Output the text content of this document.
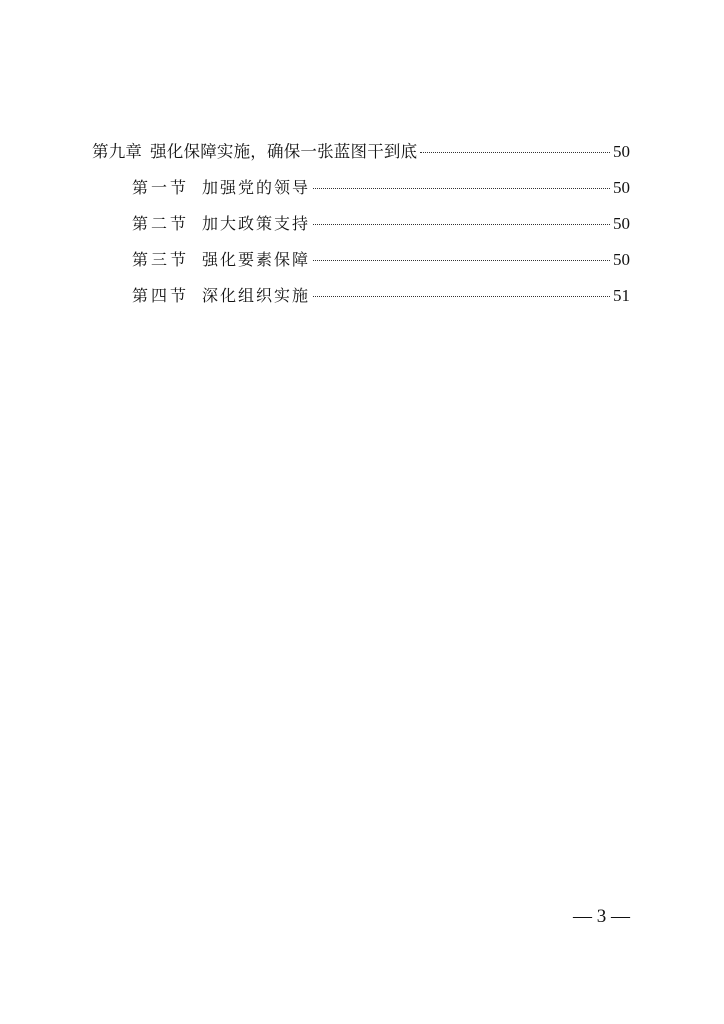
第九章 强化保障实施，确保一张蓝图干到底	50
第一节 加强党的领导	50
第二节 加大政策支持	50
第三节 强化要素保障	50
第四节 深化组织实施	51
— 3 —
